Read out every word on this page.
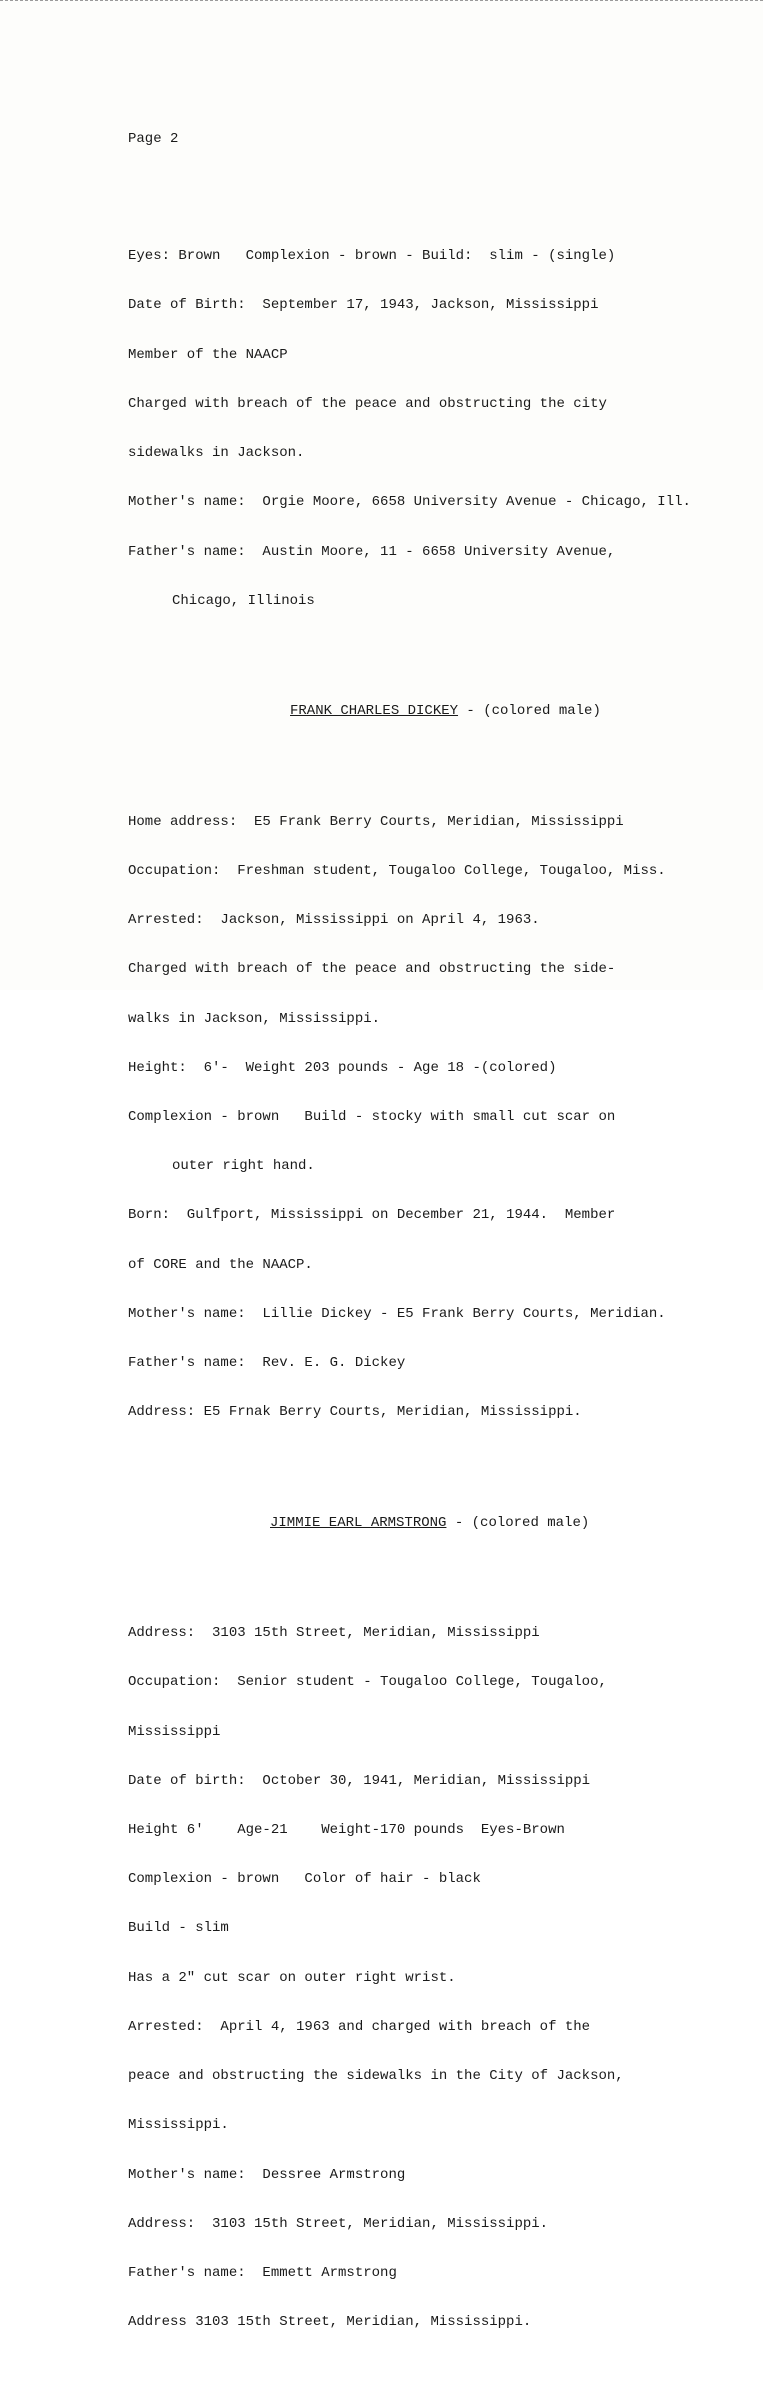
Page 2

Eyes: Brown   Complexion - brown - Build:  slim - (single)

Date of Birth:  September 17, 1943, Jackson, Mississippi

Member of the NAACP

Charged with breach of the peace and obstructing the city

sidewalks in Jackson.

Mother's name:  Orgie Moore, 6658 University Avenue - Chicago, Ill.

Father's name:  Austin Moore, 11 - 6658 University Avenue,

Chicago, Illinois

FRANK CHARLES DICKEY - (colored male)

Home address:  E5 Frank Berry Courts, Meridian, Mississippi

Occupation:  Freshman student, Tougaloo College, Tougaloo, Miss.

Arrested:  Jackson, Mississippi on April 4, 1963.

Charged with breach of the peace and obstructing the side-

walks in Jackson, Mississippi.

Height:  6'-  Weight 203 pounds - Age 18 -(colored)

Complexion - brown   Build - stocky with small cut scar on

outer right hand.

Born:  Gulfport, Mississippi on December 21, 1944.  Member

of CORE and the NAACP.

Mother's name:  Lillie Dickey - E5 Frank Berry Courts, Meridian.

Father's name:  Rev. E. G. Dickey

Address: E5 Frnak Berry Courts, Meridian, Mississippi.

JIMMIE EARL ARMSTRONG - (colored male)

Address:  3103 15th Street, Meridian, Mississippi

Occupation:  Senior student - Tougaloo College, Tougaloo,

Mississippi

Date of birth:  October 30, 1941, Meridian, Mississippi

Height 6'    Age-21    Weight-170 pounds  Eyes-Brown

Complexion - brown   Color of hair - black

Build - slim

Has a 2" cut scar on outer right wrist.

Arrested:  April 4, 1963 and charged with breach of the

peace and obstructing the sidewalks in the City of Jackson,

Mississippi.

Mother's name:  Dessree Armstrong

Address:  3103 15th Street, Meridian, Mississippi.

Father's name:  Emmett Armstrong

Address 3103 15th Street, Meridian, Mississippi.
